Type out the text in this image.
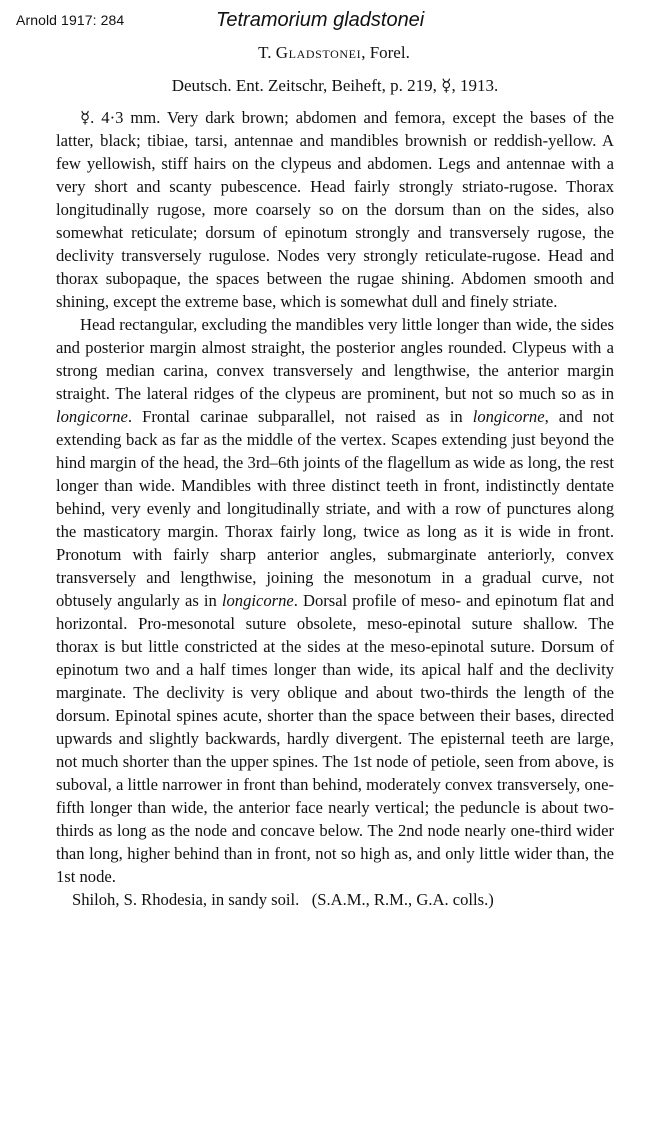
Arnold 1917: 284	Tetramorium gladstonei
T. Gladstonei, Forel.
Deutsch. Ent. Zeitschr, Beiheft, p. 219, ☿, 1913.

☿. 4·3 mm. Very dark brown; abdomen and femora, except the bases of the latter, black; tibiae, tarsi, antennae and mandibles brownish or reddish-yellow. A few yellowish, stiff hairs on the clypeus and abdomen. Legs and antennae with a very short and scanty pubescence. Head fairly strongly striato-rugose. Thorax longitudinally rugose, more coarsely so on the dorsum than on the sides, also somewhat reticulate; dorsum of epinotum strongly and transversely rugose, the declivity transversely rugulose. Nodes very strongly reticulate-rugose. Head and thorax subopaque, the spaces between the rugae shining. Abdomen smooth and shining, except the extreme base, which is somewhat dull and finely striate.

Head rectangular, excluding the mandibles very little longer than wide, the sides and posterior margin almost straight, the posterior angles rounded. Clypeus with a strong median carina, convex transversely and lengthwise, the anterior margin straight. The lateral ridges of the clypeus are prominent, but not so much so as in longicorne. Frontal carinae subparallel, not raised as in longicorne, and not extending back as far as the middle of the vertex. Scapes extending just beyond the hind margin of the head, the 3rd–6th joints of the flagellum as wide as long, the rest longer than wide. Mandibles with three distinct teeth in front, indistinctly dentate behind, very evenly and longitudinally striate, and with a row of punctures along the masticatory margin. Thorax fairly long, twice as long as it is wide in front. Pronotum with fairly sharp anterior angles, submarginate anteriorly, convex transversely and lengthwise, joining the mesonotum in a gradual curve, not obtusely angularly as in longicorne. Dorsal profile of meso- and epinotum flat and horizontal. Pro-mesonotal suture obsolete, meso-epinotal suture shallow. The thorax is but little constricted at the sides at the meso-epinotal suture. Dorsum of epinotum two and a half times longer than wide, its apical half and the declivity marginate. The declivity is very oblique and about two-thirds the length of the dorsum. Epinotal spines acute, shorter than the space between their bases, directed upwards and slightly backwards, hardly divergent. The episternal teeth are large, not much shorter than the upper spines. The 1st node of petiole, seen from above, is suboval, a little narrower in front than behind, moderately convex transversely, one-fifth longer than wide, the anterior face nearly vertical; the peduncle is about two-thirds as long as the node and concave below. The 2nd node nearly one-third wider than long, higher behind than in front, not so high as, and only little wider than, the 1st node.

Shiloh, S. Rhodesia, in sandy soil.   (S.A.M., R.M., G.A. colls.)
